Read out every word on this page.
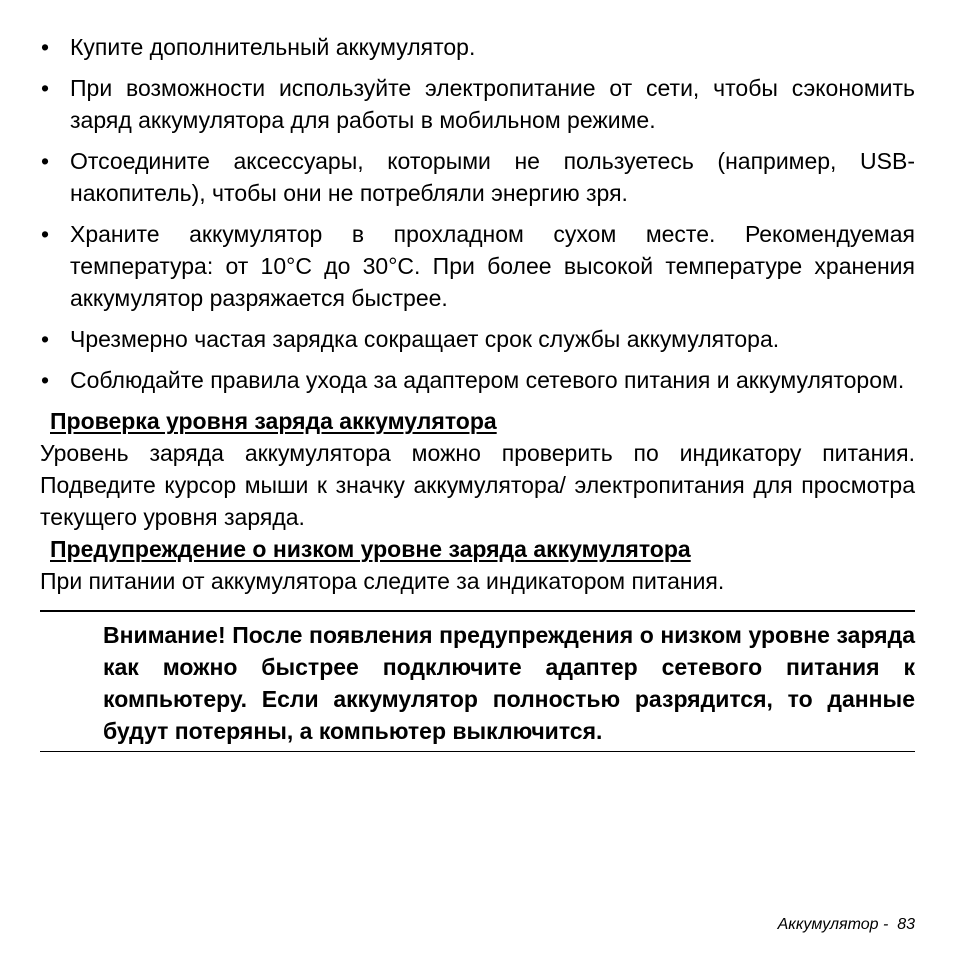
• Купите дополнительный аккумулятор.
• При возможности используйте электропитание от сети, чтобы сэкономить заряд аккумулятора для работы в мобильном режиме.
• Отсоедините аксессуары, которыми не пользуетесь (например, USB-накопитель), чтобы они не потребляли энергию зря.
• Храните аккумулятор в прохладном сухом месте. Рекомендуемая температура: от 10°C до 30°C. При более высокой температуре хранения аккумулятор разряжается быстрее.
• Чрезмерно частая зарядка сокращает срок службы аккумулятора.
• Соблюдайте правила ухода за адаптером сетевого питания и аккумулятором.
Проверка уровня заряда аккумулятора

Уровень заряда аккумулятора можно проверить по индикатору питания. Подведите курсор мыши к значку аккумулятора/ электропитания для просмотра текущего уровня заряда.

Предупреждение о низком уровне заряда аккумулятора

При питании от аккумулятора следите за индикатором питания.

Внимание! После появления предупреждения о низком уровне заряда как можно быстрее подключите адаптер сетевого питания к компьютеру. Если аккумулятор полностью разрядится, то данные будут потеряны, а компьютер выключится.

Аккумулятор - 83
